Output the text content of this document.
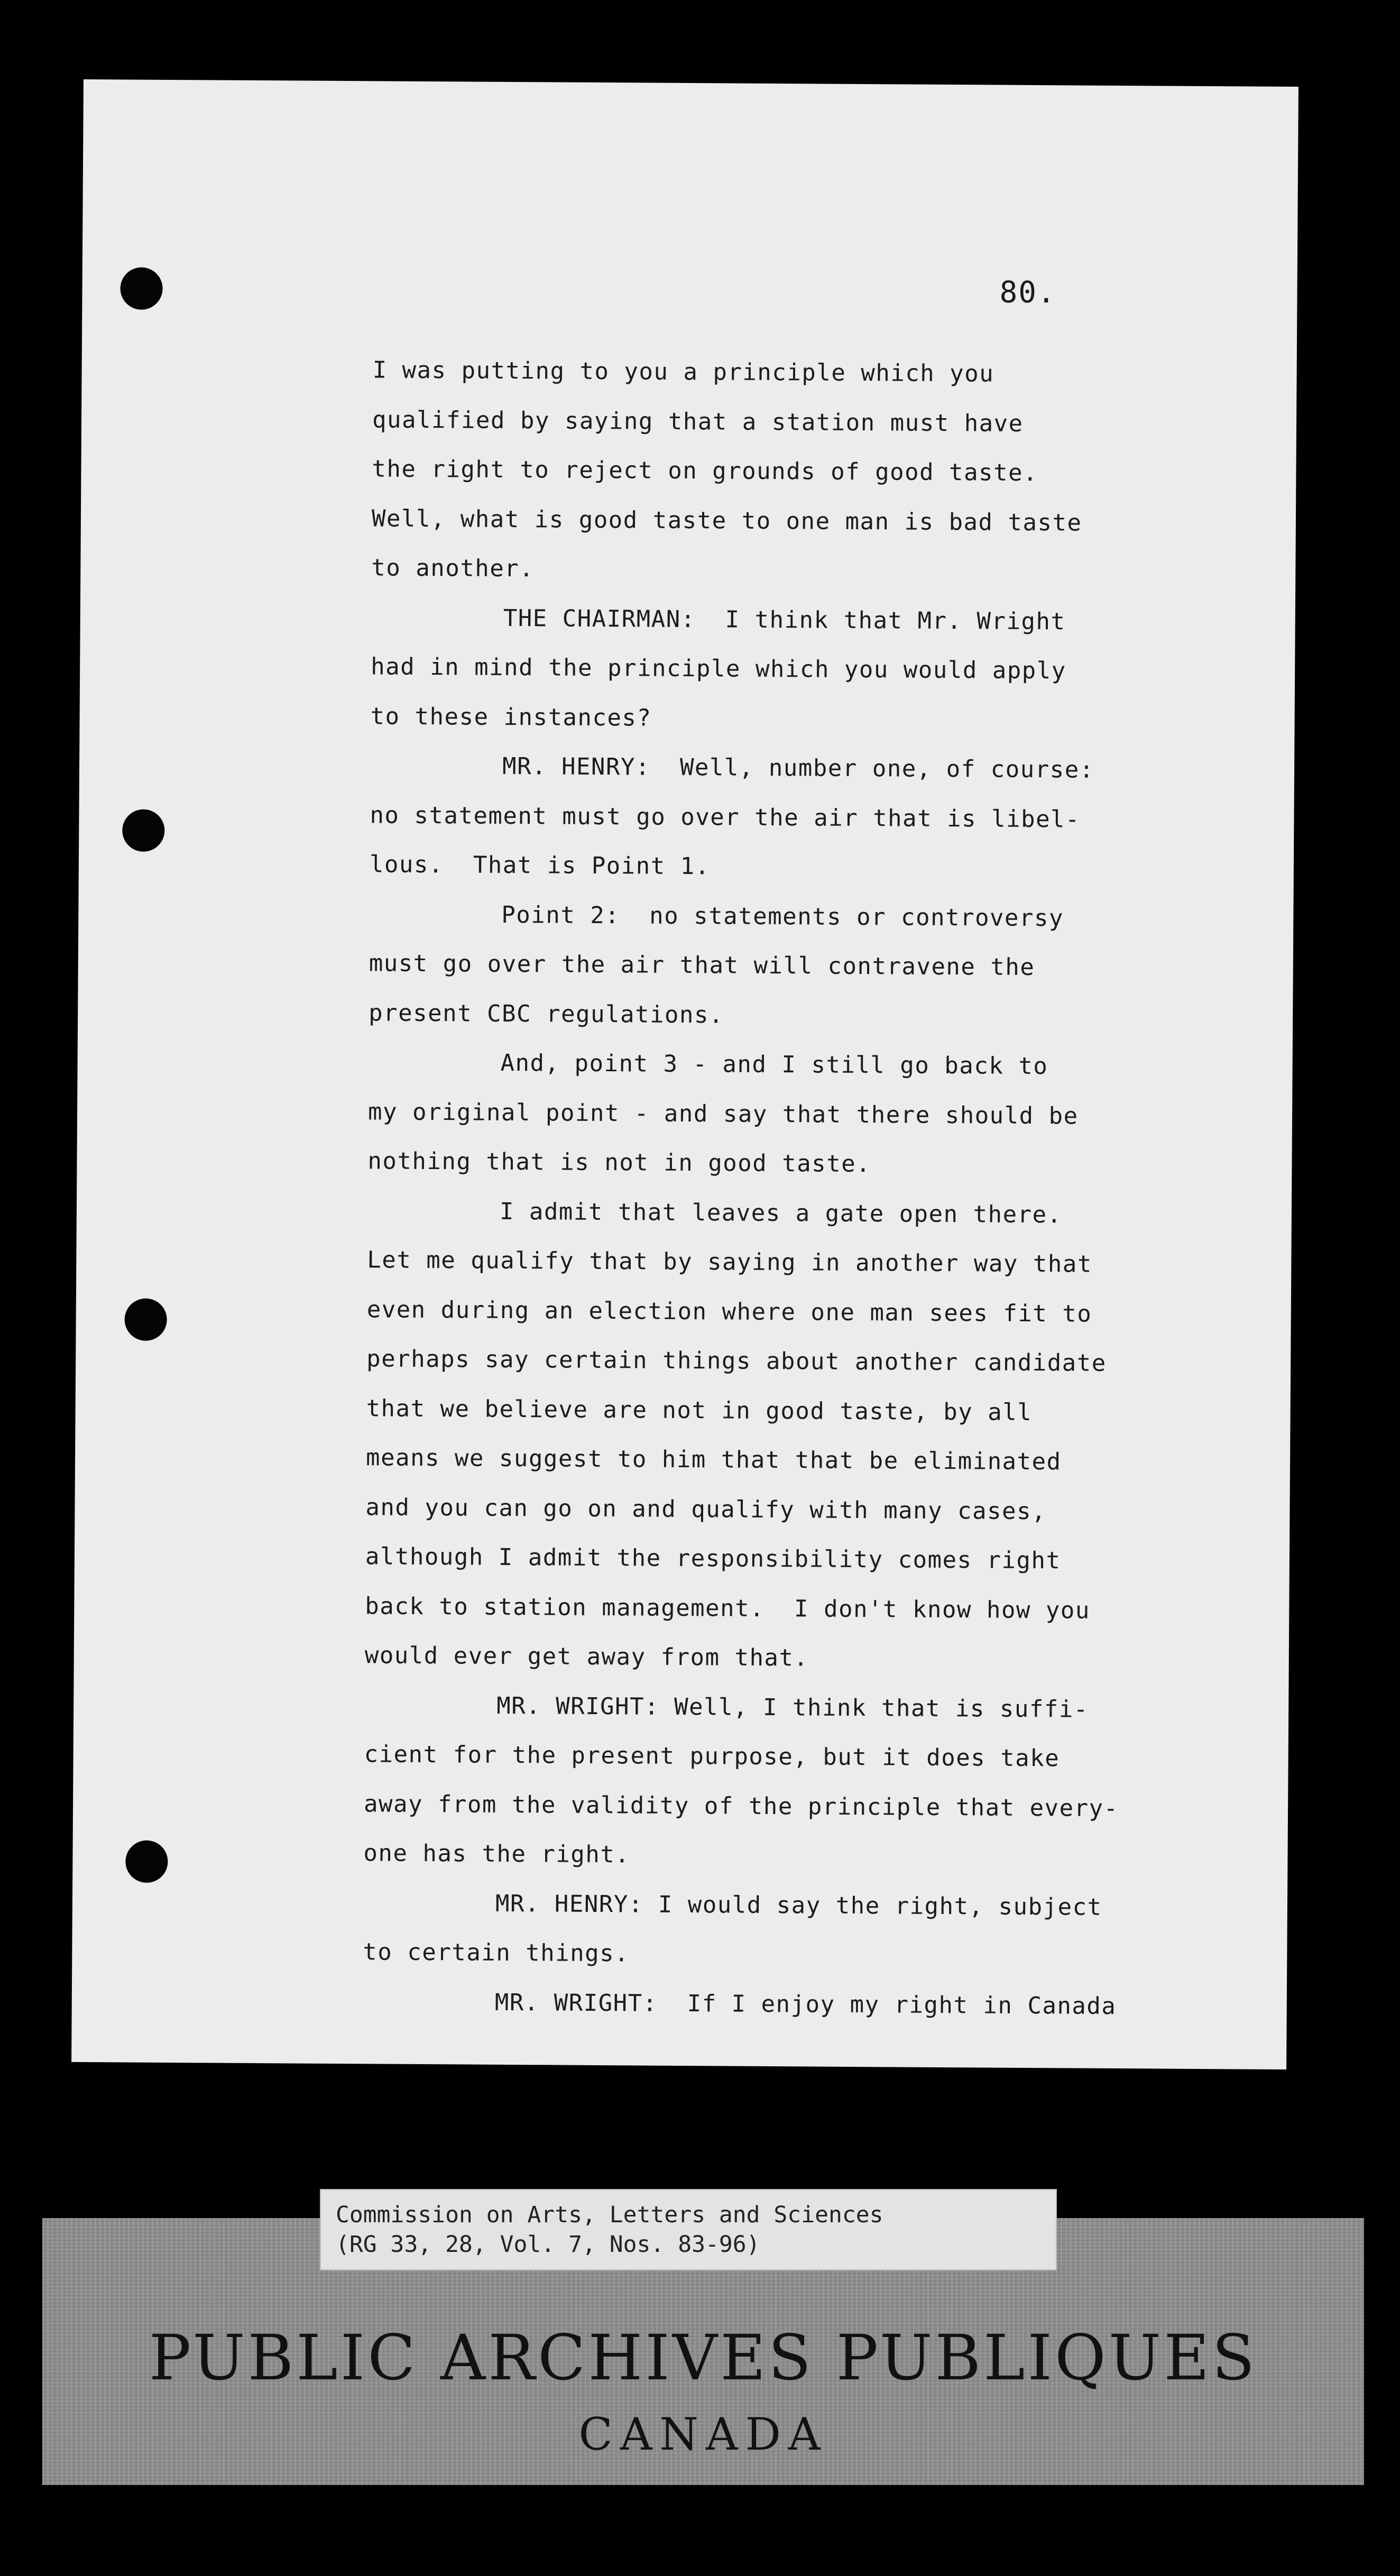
80.
I was putting to you a principle which you
qualified by saying that a station must have
the right to reject on grounds of good taste.
Well, what is good taste to one man is bad taste
to another.
THE CHAIRMAN:  I think that Mr. Wright
had in mind the principle which you would apply
to these instances?
MR. HENRY:  Well, number one, of course:
no statement must go over the air that is libel-
lous.  That is Point 1.
Point 2:  no statements or controversy
must go over the air that will contravene the
present CBC regulations.
And, point 3 - and I still go back to
my original point - and say that there should be
nothing that is not in good taste.
I admit that leaves a gate open there.
Let me qualify that by saying in another way that
even during an election where one man sees fit to
perhaps say certain things about another candidate
that we believe are not in good taste, by all
means we suggest to him that that be eliminated
and you can go on and qualify with many cases,
although I admit the responsibility comes right
back to station management.  I don't know how you
would ever get away from that.
MR. WRIGHT: Well, I think that is suffi-
cient for the present purpose, but it does take
away from the validity of the principle that every-
one has the right.
MR. HENRY: I would say the right, subject
to certain things.
MR. WRIGHT:  If I enjoy my right in Canada
PUBLIC ARCHIVES PUBLIQUES
CANADA
Commission on Arts, Letters and Sciences
(RG 33, 28, Vol. 7, Nos. 83-96)
